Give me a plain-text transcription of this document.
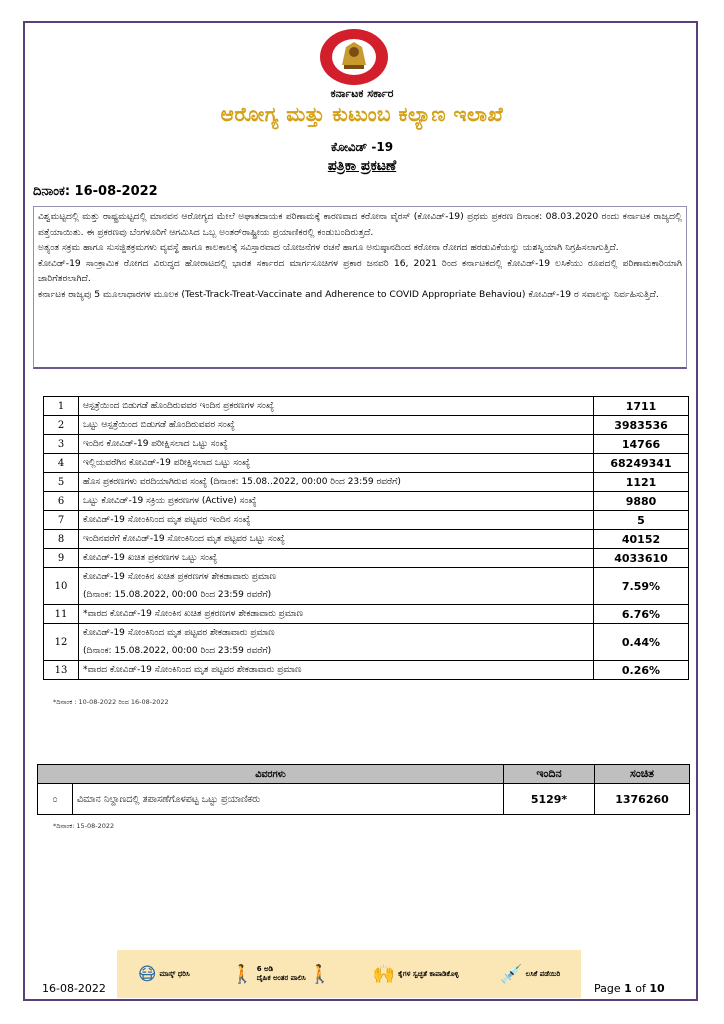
ಕರ್ನಾಟಕ ಸರ್ಕಾರ
ಆರೋಗ್ಯ ಮತ್ತು ಕುಟುಂಬ ಕಲ್ಯಾಣ ಇಲಾಖೆ
ಕೋವಿಡ್ -19
ಪತ್ರಿಕಾ ಪ್ರಕಟಣೆ
ದಿನಾಂಕ: 16-08-2022

ವಿಶ್ವಮಟ್ಟದಲ್ಲಿ ಮತ್ತು ರಾಷ್ಟ್ರಮಟ್ಟದಲ್ಲಿ ಮಾನವನ ಆರೋಗ್ಯದ ಮೇಲೆ ಅಘಾತದಾಯಕ ಪರಿಣಾಮಕ್ಕೆ ಕಾರಣವಾದ ಕರೋನಾ ವೈರಸ್ (ಕೋವಿಡ್-19) ಪ್ರಥಮ ಪ್ರಕರಣ ದಿನಾಂಕ: 08.03.2020 ರಂದು ಕರ್ನಾಟಕ ರಾಜ್ಯದಲ್ಲಿ ಪತ್ತೆಯಾಯಿತು. ಈ ಪ್ರಕರಣವು ಬೆಂಗಳೂರಿಗೆ ಆಗಮಿಸಿದ ಒಬ್ಬ ಅಂತರ್‌ರಾಷ್ಟ್ರೀಯ ಪ್ರಯಾಣಿಕರಲ್ಲಿ ಕಂಡುಬಂದಿರುತ್ತದೆ.

ಅತ್ಯಂತ ಸಕ್ರಮ ಹಾಗೂ ಸುಸಜ್ಜಿತಕ್ರಮಗಳು ವ್ಯವಸ್ಥೆ ಹಾಗೂ ಕಾಲಕಾಲಕ್ಕೆ ಸವಿಸ್ತಾರವಾದ ಯೋಜನೆಗಳ ರಚನೆ ಹಾಗೂ ಅನುಷ್ಠಾನದಿಂದ ಕರೋನಾ ರೋಗದ ಹರಡುವಿಕೆಯನ್ನು ಯಶಸ್ವಿಯಾಗಿ ನಿಗ್ರಹಿಸಲಾಗುತ್ತಿದೆ.

ಕೋವಿಡ್-19 ಸಾಂಕ್ರಾಮಿಕ ರೋಗದ ವಿರುದ್ಧದ ಹೋರಾಟದಲ್ಲಿ ಭಾರತ ಸರ್ಕಾರದ ಮಾರ್ಗಸೂಚಿಗಳ ಪ್ರಕಾರ ಜನವರಿ 16, 2021 ರಿಂದ ಕರ್ನಾಟಕದಲ್ಲಿ ಕೋವಿಡ್-19 ಲಸಿಕೆಯು ರೂಪದಲ್ಲಿ ಪರಿಣಾಮಕಾರಿಯಾಗಿ ಜಾರಿಗೆತರಲಾಗಿದೆ.

ಕರ್ನಾಟಕ ರಾಜ್ಯವು 5 ಮೂಲಾಧಾರಗಳ ಮೂಲಕ (Test-Track-Treat-Vaccinate and Adherence to COVID Appropriate Behaviou) ಕೋವಿಡ್-19 ರ ಸವಾಲನ್ನು ನಿರ್ವಹಿಸುತ್ತಿದೆ.

1	ಆಸ್ಪತ್ರೆಯಿಂದ ಬಿಡುಗಡೆ ಹೊಂದಿರುವವರ ಇಂದಿನ ಪ್ರಕರಣಗಳ ಸಂಖ್ಯೆ	1711
2	ಒಟ್ಟು ಆಸ್ಪತ್ರೆಯಿಂದ ಬಿಡುಗಡೆ ಹೊಂದಿರುವವರ ಸಂಖ್ಯೆ	3983536
3	ಇಂದಿನ ಕೋವಿಡ್-19 ಪರೀಕ್ಷಿಸಲಾದ ಒಟ್ಟು ಸಂಖ್ಯೆ	14766
4	ಇಲ್ಲಿಯವರೆಗಿನ ಕೋವಿಡ್-19 ಪರೀಕ್ಷಿಸಲಾದ ಒಟ್ಟು ಸಂಖ್ಯೆ	68249341
5	ಹೊಸ ಪ್ರಕರಣಗಳು ವರದಿಯಾಗಿರುವ ಸಂಖ್ಯೆ (ದಿನಾಂಕ: 15.08..2022, 00:00 ರಿಂದ 23:59 ರವರೆಗೆ)	1121
6	ಒಟ್ಟು ಕೋವಿಡ್-19 ಸಕ್ರಿಯ ಪ್ರಕರಣಗಳ (Active) ಸಂಖ್ಯೆ	9880
7	ಕೋವಿಡ್-19 ಸೋಂಕಿನಿಂದ ಮೃತ ಪಟ್ಟವರ ಇಂದಿನ ಸಂಖ್ಯೆ	5
8	ಇಂದಿನವರೆಗೆ ಕೋವಿಡ್-19 ಸೋಂಕಿನಿಂದ ಮೃತ ಪಟ್ಟವರ ಒಟ್ಟು ಸಂಖ್ಯೆ	40152
9	ಕೋವಿಡ್-19 ಖಚಿತ ಪ್ರಕರಣಗಳ ಒಟ್ಟು ಸಂಖ್ಯೆ	4033610
10	ಕೋವಿಡ್-19 ಸೋಂಕಿನ ಖಚಿತ ಪ್ರಕರಣಗಳ ಶೇಕಡಾವಾರು ಪ್ರಮಾಣ
(ದಿನಾಂಕ: 15.08.2022, 00:00 ರಿಂದ 23:59 ರವರೆಗೆ)	7.59%
11	*ವಾರದ ಕೋವಿಡ್-19 ಸೋಂಕಿನ ಖಚಿತ ಪ್ರಕರಣಗಳ ಶೇಕಡಾವಾರು ಪ್ರಮಾಣ	6.76%
12	ಕೋವಿಡ್-19 ಸೋಂಕಿನಿಂದ ಮೃತ ಪಟ್ಟವರ ಶೇಕಡಾವಾರು ಪ್ರಮಾಣ
(ದಿನಾಂಕ: 15.08.2022, 00:00 ರಿಂದ 23:59 ರವರೆಗೆ)	0.44%
13	*ವಾರದ ಕೋವಿಡ್-19 ಸೋಂಕಿನಿಂದ ಮೃತ ಪಟ್ಟವರ ಶೇಕಡಾವಾರು ಪ್ರಮಾಣ	0.26%
*ದಿನಾಂಕ : 10-08-2022 ರಿಂದ 16-08-2022
ವಿವರಗಳು		ಇಂದಿನ	ಸಂಚಿತ
೦	ವಿಮಾನ ನಿಲ್ದಾಣದಲ್ಲಿ ತಪಾಸಣೆಗೊಳಪಟ್ಟ ಒಟ್ಟು ಪ್ರಯಾಣಿಕರು	5129*	1376260
*ದಿನಾಂಕ: 15-08-2022
😷 ಮಾಸ್ಕ್ ಧರಿಸಿ 🚶 6 ಅಡಿ
ದೈಹಿಕ ಅಂತರ ಪಾಲಿಸಿ 🚶 🙌 ಕೈಗಳ ಸ್ವಚ್ಛತೆ ಕಾಪಾಡಿಕೊಳ್ಳಿ 💉 ಲಸಿಕೆ ಪಡೆಯಿರಿ
16-08-2022	Page 1 of 10
